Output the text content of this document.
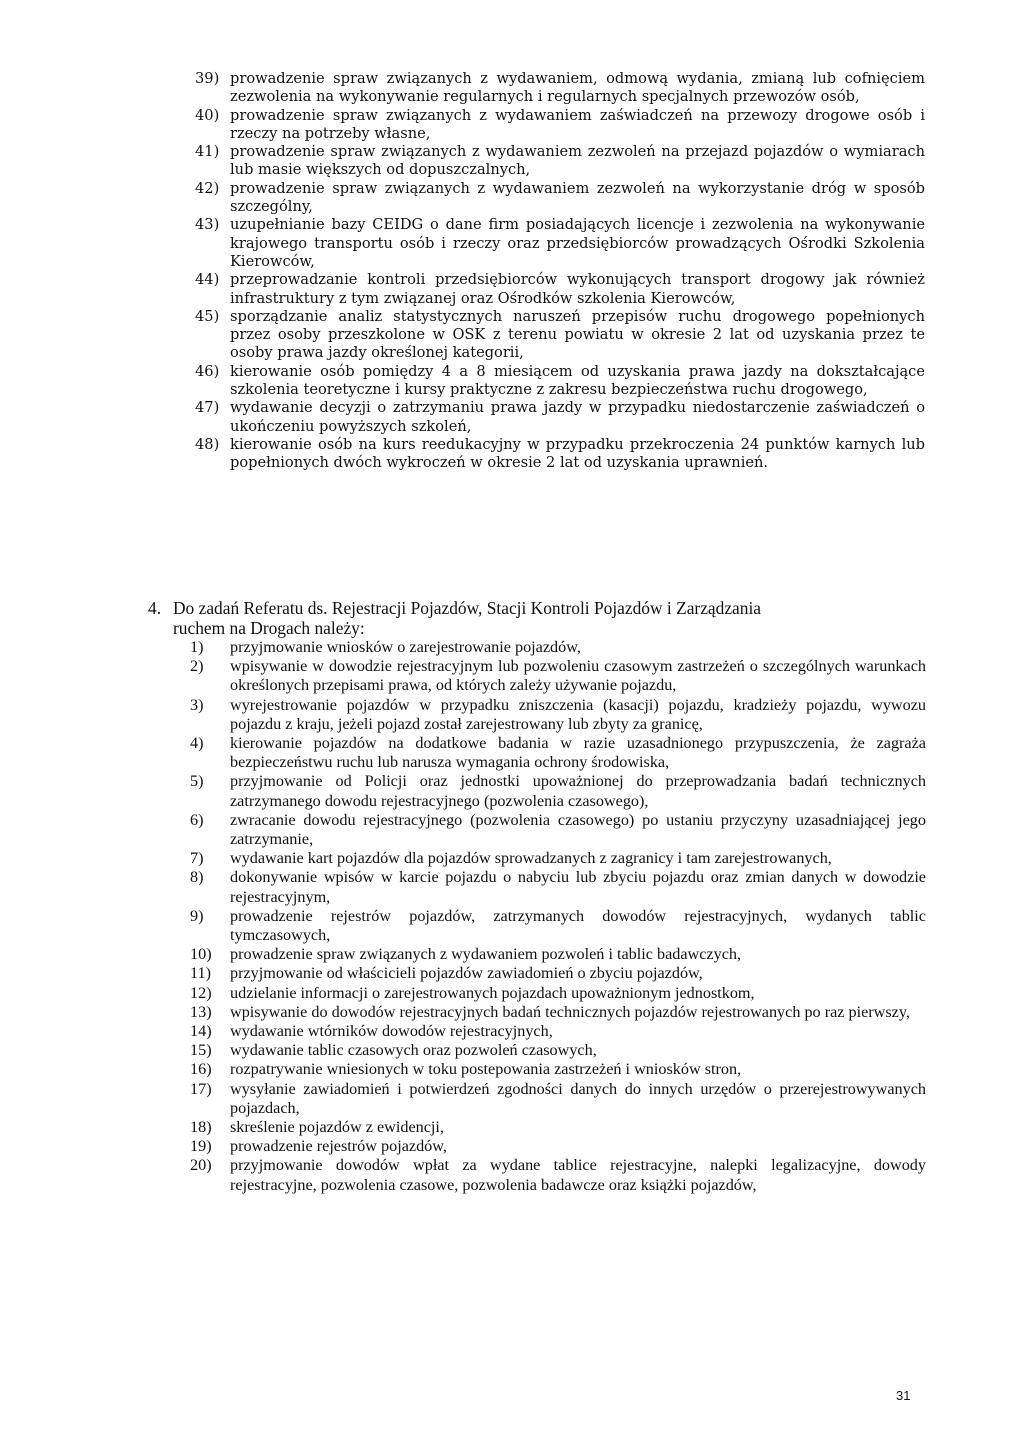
39) prowadzenie spraw związanych z wydawaniem, odmową wydania, zmianą lub cofnięciem zezwolenia na wykonywanie regularnych i regularnych specjalnych przewozów osób,
40) prowadzenie spraw związanych z wydawaniem zaświadczeń na przewozy drogowe osób i rzeczy na potrzeby własne,
41) prowadzenie spraw związanych z wydawaniem zezwoleń na przejazd pojazdów o wymiarach lub masie większych od dopuszczalnych,
42) prowadzenie spraw związanych z wydawaniem zezwoleń na wykorzystanie dróg w sposób szczególny,
43) uzupełnianie bazy CEIDG o dane firm posiadających licencje i zezwolenia na wykonywanie krajowego transportu osób i rzeczy oraz przedsiębiorców prowadzących Ośrodki Szkolenia Kierowców,
44) przeprowadzanie kontroli przedsiębiorców wykonujących transport drogowy jak również infrastruktury z tym związanej oraz Ośrodków szkolenia Kierowców,
45) sporządzanie analiz statystycznych naruszeń przepisów ruchu drogowego popełnionych przez osoby przeszkolone w OSK z terenu powiatu w okresie 2 lat od uzyskania przez te osoby prawa jazdy określonej kategorii,
46) kierowanie osób pomiędzy 4 a 8 miesiącem od uzyskania prawa jazdy na dokształcające szkolenia teoretyczne i kursy praktyczne z zakresu bezpieczeństwa ruchu drogowego,
47) wydawanie decyzji o zatrzymaniu prawa jazdy w przypadku niedostarczenie zaświadczeń o ukończeniu powyższych szkoleń,
48) kierowanie osób na kurs reedukacyjny w przypadku przekroczenia 24 punktów karnych lub popełnionych dwóch wykroczeń w okresie 2 lat od uzyskania uprawnień.
4. Do zadań Referatu ds. Rejestracji Pojazdów, Stacji Kontroli Pojazdów i Zarządzania
ruchem na Drogach należy:
1) przyjmowanie wniosków o zarejestrowanie pojazdów,
2) wpisywanie w dowodzie rejestracyjnym lub pozwoleniu czasowym zastrzeżeń o szczególnych warunkach określonych przepisami prawa, od których zależy używanie pojazdu,
3) wyrejestrowanie pojazdów w przypadku zniszczenia (kasacji) pojazdu, kradzieży pojazdu, wywozu pojazdu z kraju, jeżeli pojazd został zarejestrowany lub zbyty za granicę,
4) kierowanie pojazdów na dodatkowe badania w razie uzasadnionego przypuszczenia, że zagraża bezpieczeństwu ruchu lub narusza wymagania ochrony środowiska,
5) przyjmowanie od Policji oraz jednostki upoważnionej do przeprowadzania badań technicznych zatrzymanego dowodu rejestracyjnego (pozwolenia czasowego),
6) zwracanie dowodu rejestracyjnego (pozwolenia czasowego) po ustaniu przyczyny uzasadniającej jego zatrzymanie,
7) wydawanie kart pojazdów dla pojazdów sprowadzanych z zagranicy i tam zarejestrowanych,
8) dokonywanie wpisów w karcie pojazdu o nabyciu lub zbyciu pojazdu oraz zmian danych w dowodzie rejestracyjnym,
9) prowadzenie rejestrów pojazdów, zatrzymanych dowodów rejestracyjnych, wydanych tablic tymczasowych,
10) prowadzenie spraw związanych z wydawaniem pozwoleń i tablic badawczych,
11) przyjmowanie od właścicieli pojazdów zawiadomień o zbyciu pojazdów,
12) udzielanie informacji o zarejestrowanych pojazdach upoważnionym jednostkom,
13) wpisywanie do dowodów rejestracyjnych badań technicznych pojazdów rejestrowanych po raz pierwszy,
14) wydawanie wtórników dowodów rejestracyjnych,
15) wydawanie tablic czasowych oraz pozwoleń czasowych,
16) rozpatrywanie wniesionych w toku postepowania zastrzeżeń i wniosków stron,
17) wysyłanie zawiadomień i potwierdzeń zgodności danych do innych urzędów o przerejestrowywanych pojazdach,
18) skreślenie pojazdów z ewidencji,
19) prowadzenie rejestrów pojazdów,
20) przyjmowanie dowodów wpłat za wydane tablice rejestracyjne, nalepki legalizacyjne, dowody rejestracyjne, pozwolenia czasowe, pozwolenia badawcze oraz książki pojazdów,
31
